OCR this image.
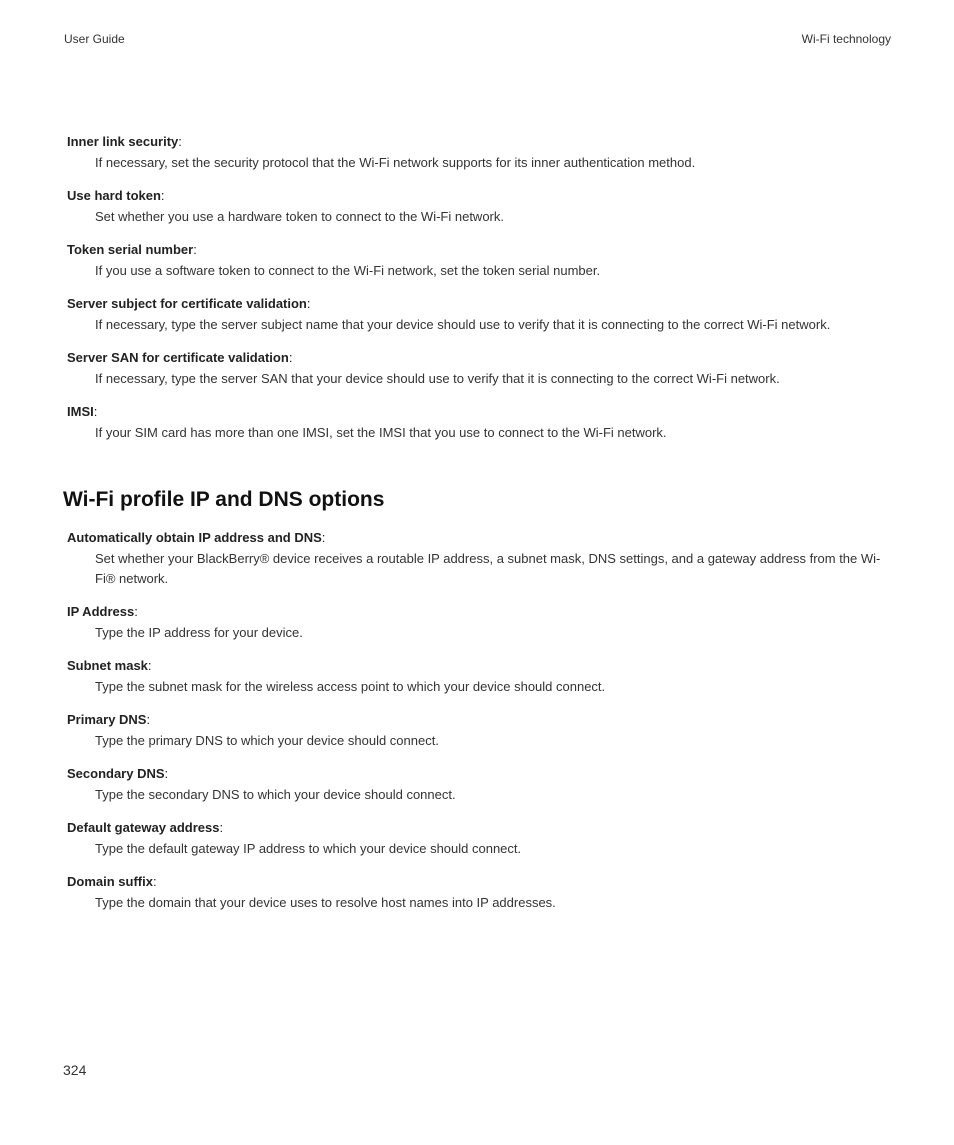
User Guide	Wi-Fi technology
Inner link security:
If necessary, set the security protocol that the Wi-Fi network supports for its inner authentication method.
Use hard token:
Set whether you use a hardware token to connect to the Wi-Fi network.
Token serial number:
If you use a software token to connect to the Wi-Fi network, set the token serial number.
Server subject for certificate validation:
If necessary, type the server subject name that your device should use to verify that it is connecting to the correct Wi-Fi network.
Server SAN for certificate validation:
If necessary, type the server SAN that your device should use to verify that it is connecting to the correct Wi-Fi network.
IMSI:
If your SIM card has more than one IMSI, set the IMSI that you use to connect to the Wi-Fi network.
Wi-Fi profile IP and DNS options
Automatically obtain IP address and DNS:
Set whether your BlackBerry® device receives a routable IP address, a subnet mask, DNS settings, and a gateway address from the Wi-Fi® network.
IP Address:
Type the IP address for your device.
Subnet mask:
Type the subnet mask for the wireless access point to which your device should connect.
Primary DNS:
Type the primary DNS to which your device should connect.
Secondary DNS:
Type the secondary DNS to which your device should connect.
Default gateway address:
Type the default gateway IP address to which your device should connect.
Domain suffix:
Type the domain that your device uses to resolve host names into IP addresses.
324
